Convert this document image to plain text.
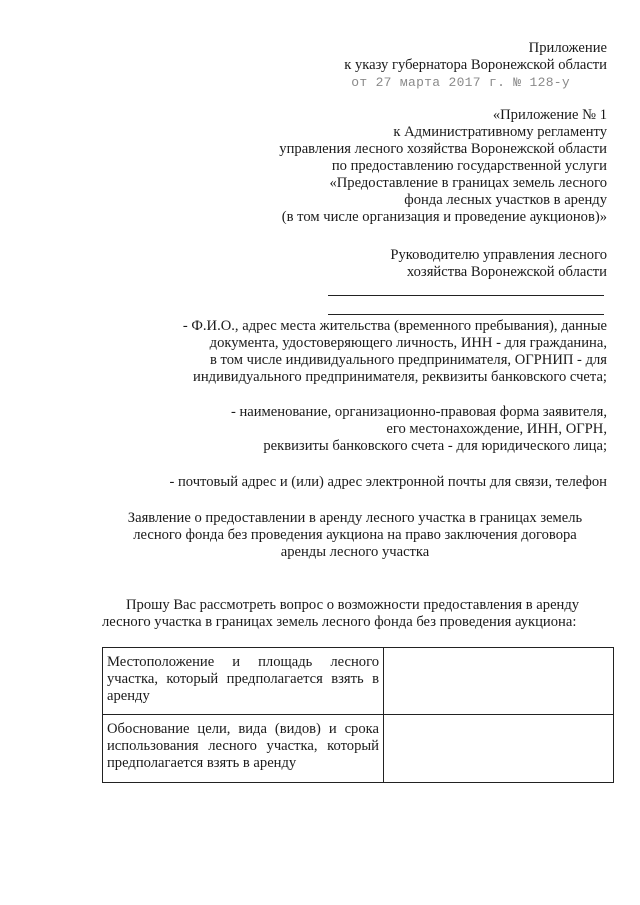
Приложение
к указу губернатора Воронежской области
от 27 марта 2017 г. № 128-у
«Приложение № 1
к Административному регламенту
управления лесного хозяйства Воронежской области
по предоставлению государственной услуги
«Предоставление в границах земель лесного
фонда лесных участков в аренду
(в том числе организация и проведение аукционов)»
Руководителю управления лесного
хозяйства Воронежской области
- Ф.И.О., адрес места жительства (временного пребывания), данные
документа, удостоверяющего личность, ИНН - для гражданина,
в том числе индивидуального предпринимателя, ОГРНИП - для
индивидуального предпринимателя, реквизиты банковского счета;
- наименование, организационно-правовая форма заявителя,
его местонахождение, ИНН, ОГРН,
реквизиты банковского счета - для юридического лица;
- почтовый адрес и (или) адрес электронной почты для связи, телефон
Заявление о предоставлении в аренду лесного участка в границах земель
лесного фонда без проведения аукциона на право заключения договора
аренды лесного участка
Прошу Вас рассмотреть вопрос о возможности предоставления в аренду
лесного участка в границах земель лесного фонда без проведения аукциона:
Местоположение и площадь лесного участка, который предполагается взять в аренду	
Обоснование цели, вида (видов) и срока использования лесного участка, который предполагается взять в аренду	
